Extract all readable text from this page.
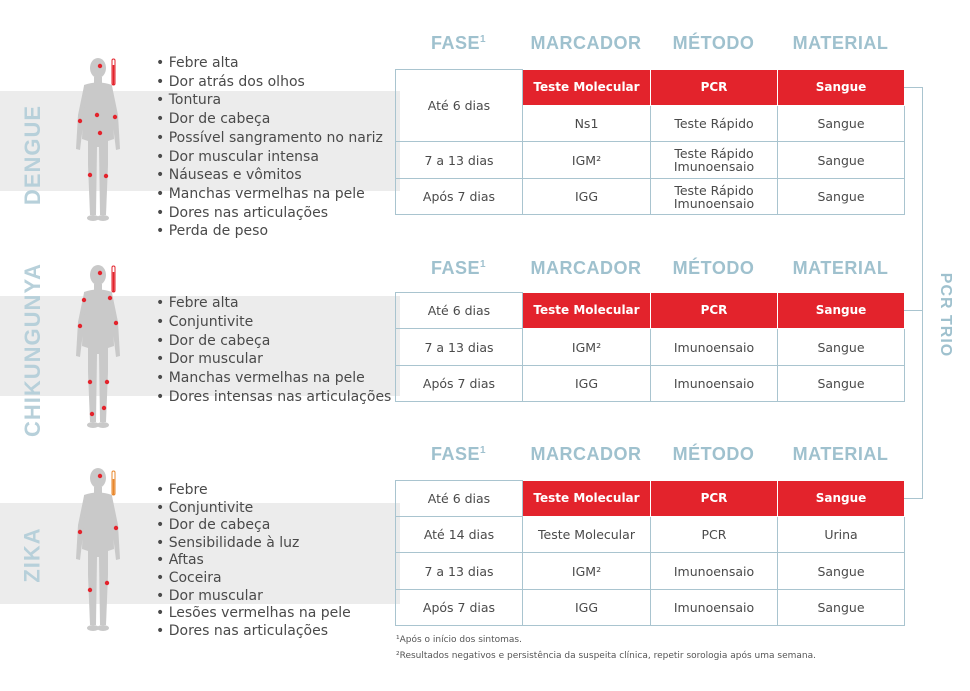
DENGUE
• Febre alta
• Dor atrás dos olhos
• Tontura
• Dor de cabeça
• Possível sangramento no nariz
• Dor muscular intensa
• Náuseas e vômitos
• Manchas vermelhas na pele
• Dores nas articulações
• Perda de peso
FASE$^1$	MARCADOR	MÉTODO	MATERIAL
Até 6 dias	Teste Molecular	PCR	Sangue
	Ns1	Teste Rápido	Sangue
7 a 13 dias	IGM²	Teste Rápido Imunoensaio	Sangue
Após 7 dias	IGG	Teste Rápido Imunoensaio	Sangue
CHIKUNGUNYA	• Febre alta
• Conjuntivite
• Dor de cabeça
• Dor muscular
• Manchas vermelhas na pele
• Dores intensas nas articulações
FASE$^1$	MARCADOR	MÉTODO	MATERIAL
Até 6 dias	Teste Molecular	PCR	Sangue
7 a 13 dias	IGM²	Imunoensaio	Sangue
Após 7 dias	IGG	Imunoensaio	Sangue
ZIKA
• Febre
• Conjuntivite
• Dor de cabeça
• Sensibilidade à luz
• Aftas
• Coceira
• Dor muscular
• Lesões vermelhas na pele
• Dores nas articulações
FASE$^1$	MARCADOR	MÉTODO	MATERIAL
Até 6 dias	Teste Molecular	PCR	Sangue
Até 14 dias	Teste Molecular	PCR	Urina
7 a 13 dias	IGM²	Imunoensaio	Sangue
Após 7 dias	IGG	Imunoensaio	Sangue
PCR TRIO
¹Após o início dos sintomas.
²Resultados negativos e persistência da suspeita clínica, repetir sorologia após uma semana.
